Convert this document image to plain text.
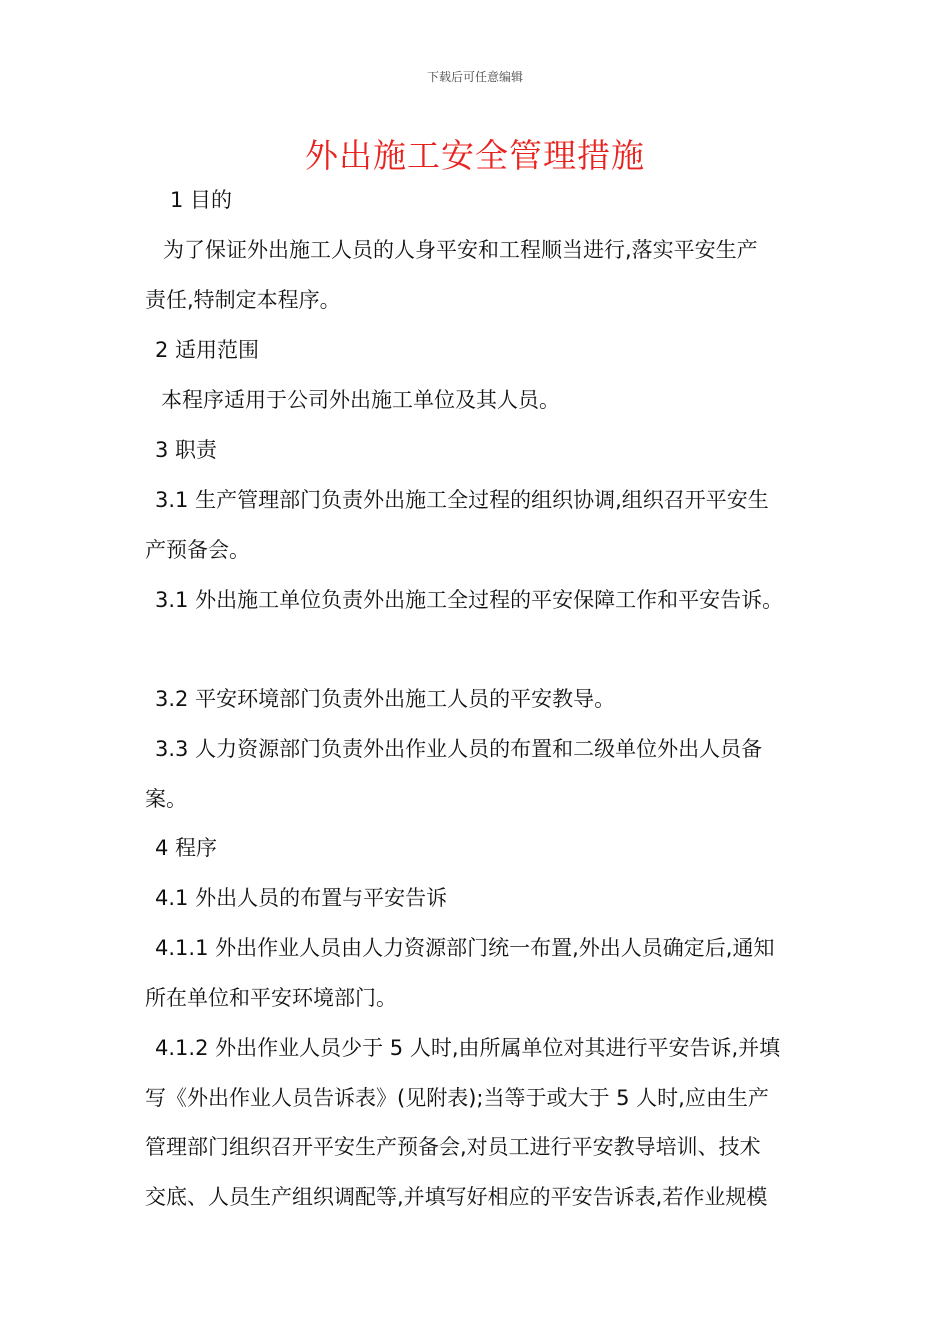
下载后可任意编辑
外出施工安全管理措施
1 目的
为了保证外出施工人员的人身平安和工程顺当进行,落实平安生产
责任,特制定本程序。
2 适用范围
本程序适用于公司外出施工单位及其人员。
3 职责
3.1 生产管理部门负责外出施工全过程的组织协调,组织召开平安生
产预备会。
3.1 外出施工单位负责外出施工全过程的平安保障工作和平安告诉。
3.2 平安环境部门负责外出施工人员的平安教导。
3.3 人力资源部门负责外出作业人员的布置和二级单位外出人员备
案。
4 程序
4.1 外出人员的布置与平安告诉
4.1.1 外出作业人员由人力资源部门统一布置,外出人员确定后,通知
所在单位和平安环境部门。
4.1.2 外出作业人员少于 5 人时,由所属单位对其进行平安告诉,并填
写《外出作业人员告诉表》(见附表);当等于或大于 5 人时,应由生产
管理部门组织召开平安生产预备会,对员工进行平安教导培训、技术
交底、人员生产组织调配等,并填写好相应的平安告诉表,若作业规模
